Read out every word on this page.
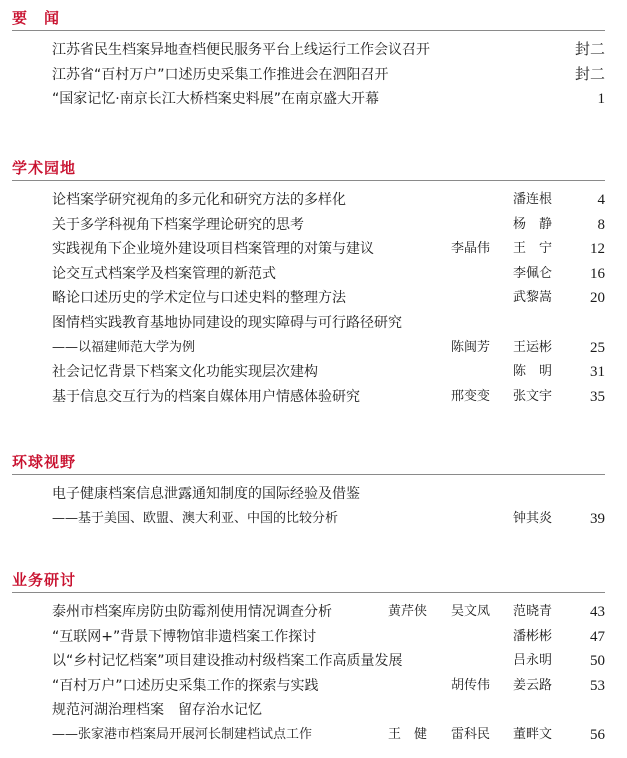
要　闻
江苏省民生档案异地查档便民服务平台上线运行工作会议召开	封二
江苏省“百村万户”口述历史采集工作推进会在泗阳召开	封二
“国家记忆·南京长江大桥档案史料展”在南京盛大开幕	1
学术园地
论档案学研究视角的多元化和研究方法的多样化	潘连根	4
关于多学科视角下档案学理论研究的思考	杨　静	8
实践视角下企业境外建设项目档案管理的对策与建议	李晶伟 王　宁	12
论交互式档案学及档案管理的新范式	李佩仑	16
略论口述历史的学术定位与口述史料的整理方法	武黎嵩	20
图情档实践教育基地协同建设的现实障碍与可行路径研究
——以福建师范大学为例	陈闽芳 王运彬	25
社会记忆背景下档案文化功能实现层次建构	陈　明	31
基于信息交互行为的档案自媒体用户情感体验研究	邢变变 张文宇	35
环球视野
电子健康档案信息泄露通知制度的国际经验及借鉴
——基于美国、欧盟、澳大利亚、中国的比较分析	钟其炎	39
业务研讨
泰州市档案库房防虫防霉剂使用情况调查分析	黄芹侠 吴文凤 范晓青	43
“互联网+”背景下博物馆非遗档案工作探讨	潘彬彬	47
以“乡村记忆档案”项目建设推动村级档案工作高质量发展	吕永明	50
“百村万户”口述历史采集工作的探索与实践	胡传伟 姜云路	53
规范河湖治理档案　留存治水记忆
——张家港市档案局开展河长制建档试点工作	王　健 雷科民 董畔文	56
